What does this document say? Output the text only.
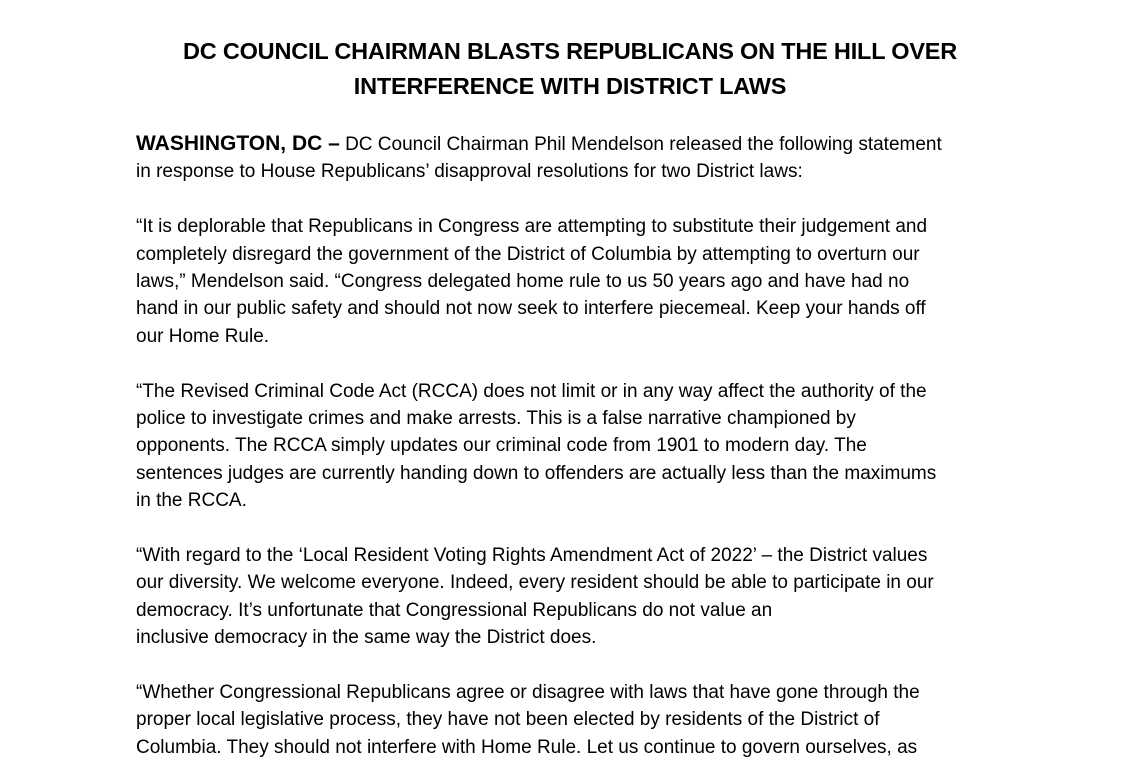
DC COUNCIL CHAIRMAN BLASTS REPUBLICANS ON THE HILL OVER
INTERFERENCE WITH DISTRICT LAWS
WASHINGTON, DC – DC Council Chairman Phil Mendelson released the following statement
in response to House Republicans’ disapproval resolutions for two District laws:
“It is deplorable that Republicans in Congress are attempting to substitute their judgement and
completely disregard the government of the District of Columbia by attempting to overturn our
laws,” Mendelson said. “Congress delegated home rule to us 50 years ago and have had no
hand in our public safety and should not now seek to interfere piecemeal. Keep your hands off
our Home Rule.
“The Revised Criminal Code Act (RCCA) does not limit or in any way affect the authority of the
police to investigate crimes and make arrests. This is a false narrative championed by
opponents. The RCCA simply updates our criminal code from 1901 to modern day. The
sentences judges are currently handing down to offenders are actually less than the maximums
in the RCCA.
“With regard to the ‘Local Resident Voting Rights Amendment Act of 2022’ – the District values
our diversity. We welcome everyone. Indeed, every resident should be able to participate in our
democracy. It’s unfortunate that Congressional Republicans do not value an
inclusive democracy in the same way the District does.
“Whether Congressional Republicans agree or disagree with laws that have gone through the
proper local legislative process, they have not been elected by residents of the District of
Columbia. They should not interfere with Home Rule. Let us continue to govern ourselves, as
